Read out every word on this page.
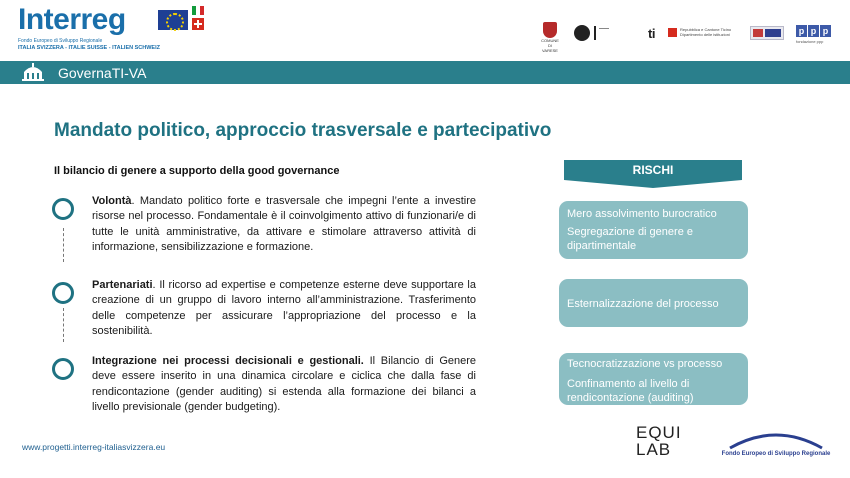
Interreg
Fondo Europeo di Sviluppo Regionale
ITALIA SVIZZERA - ITALIE SUISSE - ITALIEN SCHWEIZ
COMUNE DI VARESE
ti	Repubblica e Cantone Ticino Dipartimento delle istituzioni	p p p
fondazione ppp
GovernaTI-VA
Mandato politico, approccio trasversale e partecipativo
Il bilancio di genere a supporto della good governance

Volontà. Mandato politico forte e trasversale che impegni l’ente a investire risorse nel processo. Fondamentale è il coinvolgimento attivo di funzionari/e di tutte le unità amministrative, da attivare e stimolare attraverso attività di informazione, sensibilizzazione e formazione.

Partenariati. Il ricorso ad expertise e competenze esterne deve supportare la creazione di un gruppo di lavoro interno all’amministrazione. Trasferimento delle competenze per assicurare l’appropriazione del processo e la sostenibilità.

Integrazione nei processi decisionali e gestionali. Il Bilancio di Genere deve essere inserito in una dinamica circolare e ciclica che dalla fase di rendicontazione (gender auditing) si estenda alla formazione dei bilanci a livello previsionale (gender budgeting).

RISCHI

Mero assolvimento burocratico

Segregazione di genere e dipartimentale

Esternalizzazione del processo

Tecnocratizzazione vs processo

Confinamento al livello di rendicontazione (auditing)

www.progetti.interreg-italiasvizzera.eu
EQUI
LAB	Fondo Europeo di Sviluppo Regionale
